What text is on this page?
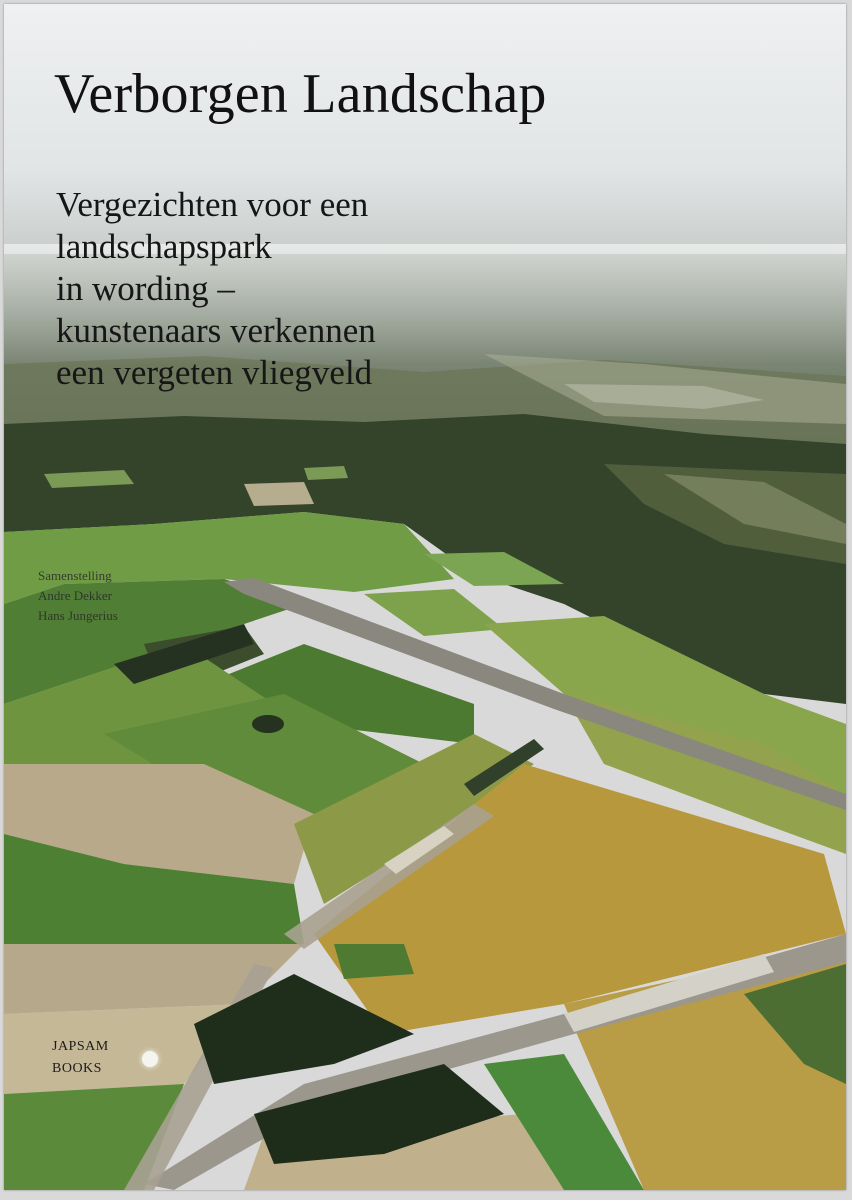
Verborgen Landschap
Vergezichten voor een
landschapspark
in wording –
kunstenaars verkennen
een vergeten vliegveld
Samenstelling
Andre Dekker
Hans Jungerius
JAPSAM
BOOKS
